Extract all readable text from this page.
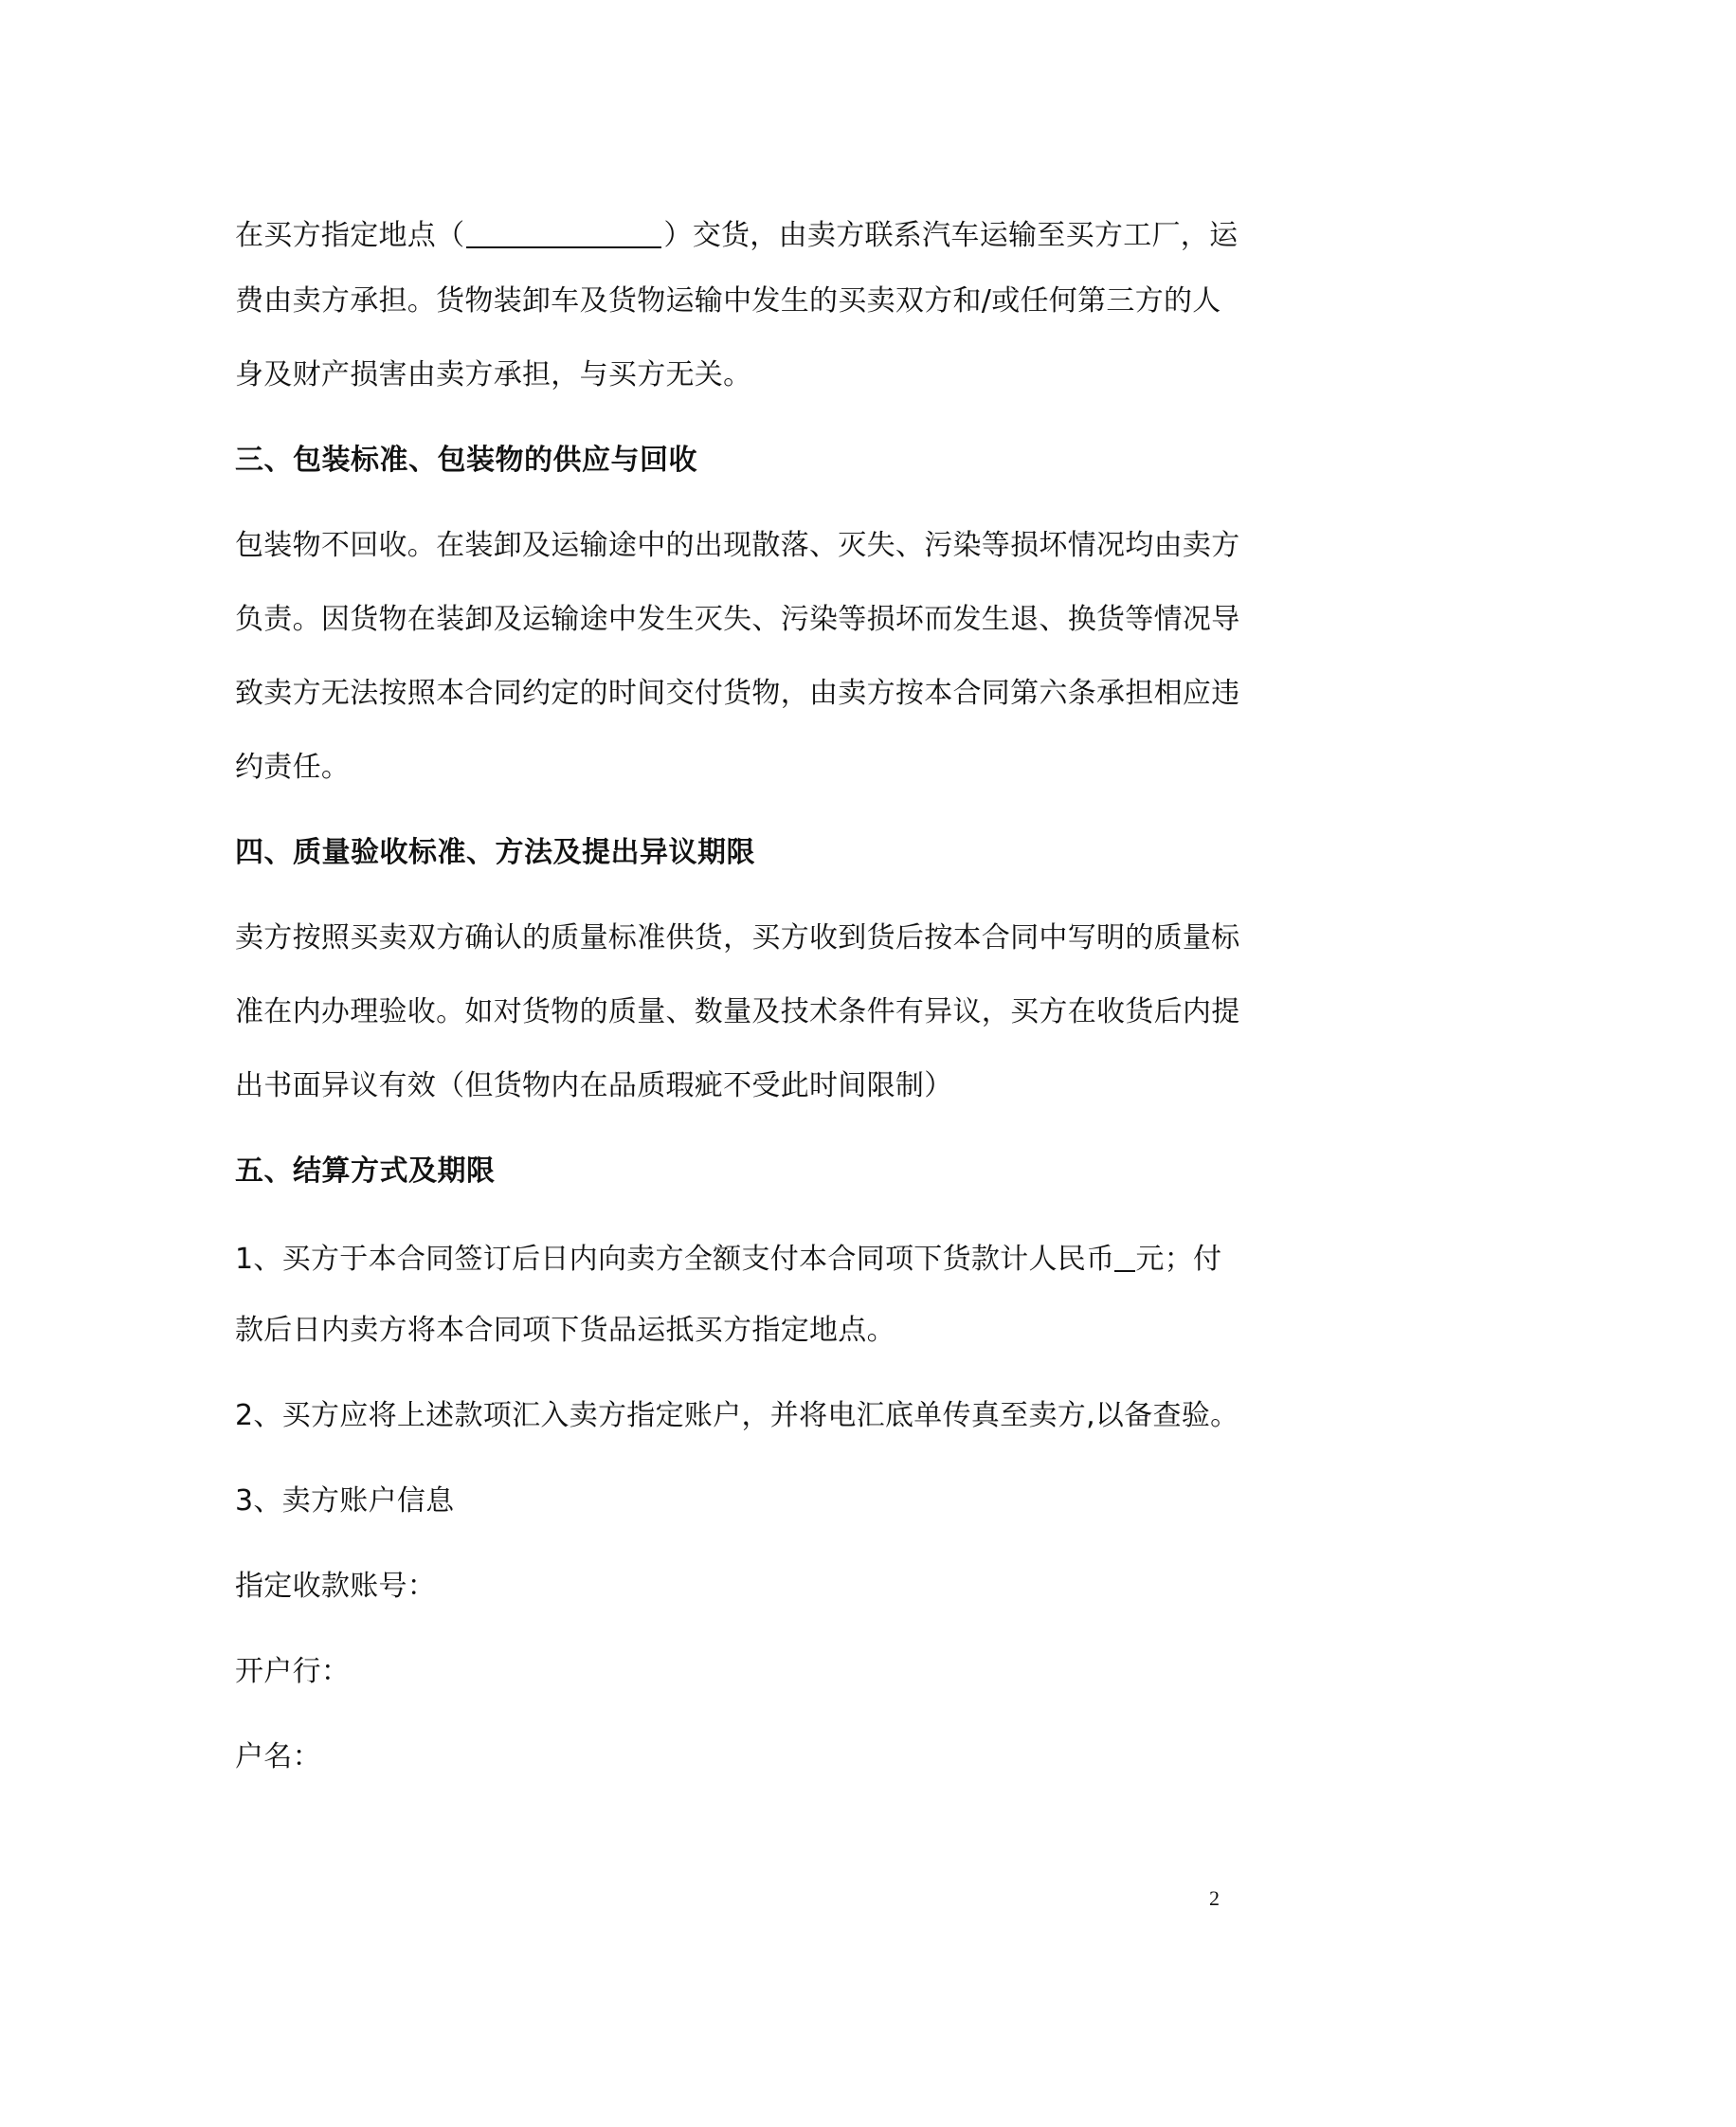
在买方指定地点（	）交货，由卖方联系汽车运输至买方工厂，运
费由卖方承担。货物装卸车及货物运输中发生的买卖双方和/或任何第三方的人
身及财产损害由卖方承担，与买方无关。
三、包装标准、包装物的供应与回收
包装物不回收。在装卸及运输途中的出现散落、灭失、污染等损坏情况均由卖方
负责。因货物在装卸及运输途中发生灭失、污染等损坏而发生退、换货等情况导
致卖方无法按照本合同约定的时间交付货物，由卖方按本合同第六条承担相应违
约责任。
四、质量验收标准、方法及提出异议期限
卖方按照买卖双方确认的质量标准供货，买方收到货后按本合同中写明的质量标
准在内办理验收。如对货物的质量、数量及技术条件有异议，买方在收货后内提
出书面异议有效（但货物内在品质瑕疵不受此时间限制）
五、结算方式及期限
1、买方于本合同签订后日内向卖方全额支付本合同项下货款计人民币 元；付
款后日内卖方将本合同项下货品运抵买方指定地点。
2、买方应将上述款项汇入卖方指定账户，并将电汇底单传真至卖方,以备查验。
3、卖方账户信息
指定收款账号：
开户行：
户名：
2
